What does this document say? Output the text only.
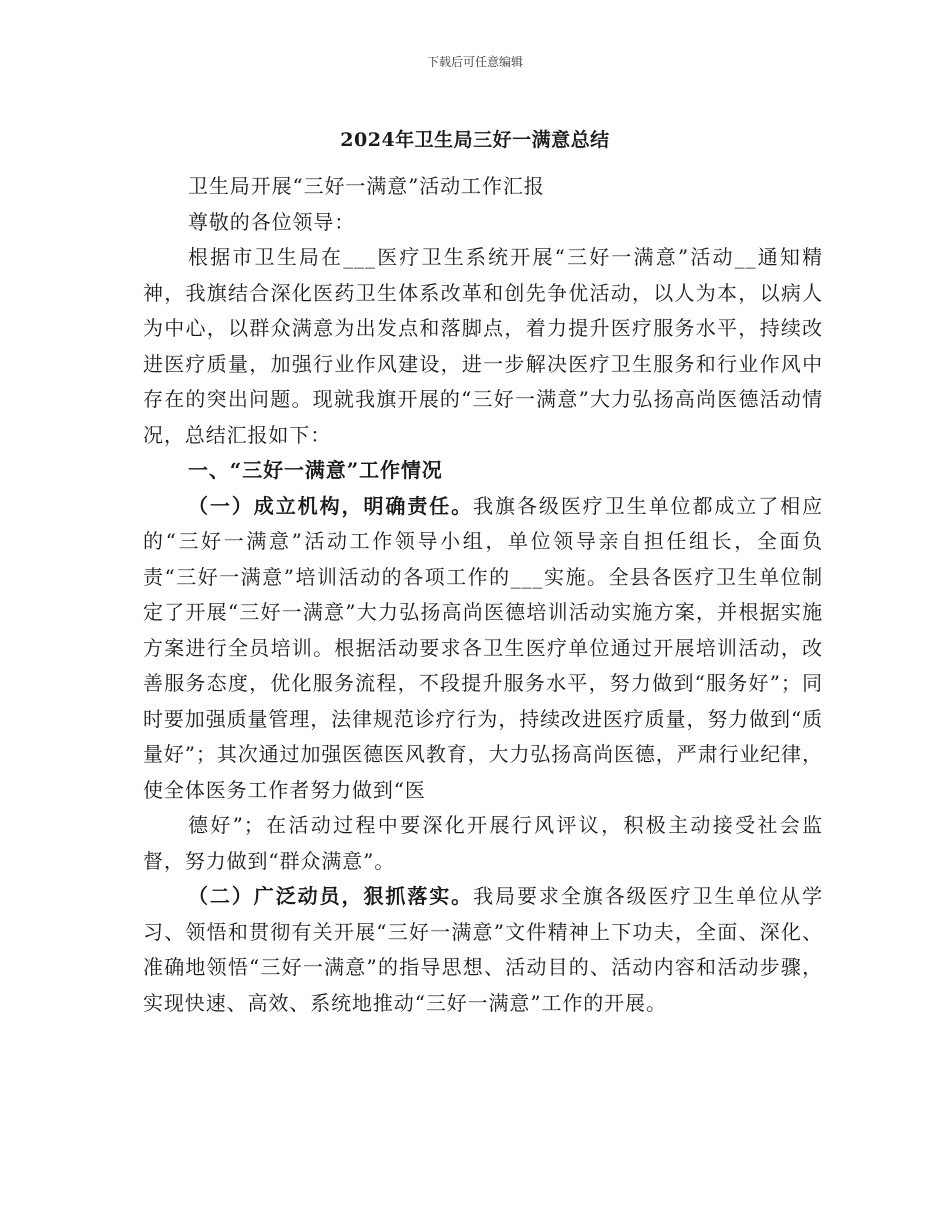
下载后可任意编辑
2024年卫生局三好一满意总结

卫生局开展“三好一满意”活动工作汇报

尊敬的各位领导：

根据市卫生局在___医疗卫生系统开展“三好一满意”活动__通知精神，我旗结合深化医药卫生体系改革和创先争优活动，以人为本，以病人为中心，以群众满意为出发点和落脚点，着力提升医疗服务水平，持续改进医疗质量，加强行业作风建设，进一步解决医疗卫生服务和行业作风中存在的突出问题。现就我旗开展的“三好一满意”大力弘扬高尚医德活动情况，总结汇报如下：

一、“三好一满意”工作情况

（一）成立机构，明确责任。我旗各级医疗卫生单位都成立了相应的“三好一满意”活动工作领导小组，单位领导亲自担任组长，全面负责“三好一满意”培训活动的各项工作的___实施。全县各医疗卫生单位制定了开展“三好一满意”大力弘扬高尚医德培训活动实施方案，并根据实施方案进行全员培训。根据活动要求各卫生医疗单位通过开展培训活动，改善服务态度，优化服务流程，不段提升服务水平，努力做到“服务好”；同时要加强质量管理，法律规范诊疗行为，持续改进医疗质量，努力做到“质量好”；其次通过加强医德医风教育，大力弘扬高尚医德，严肃行业纪律，使全体医务工作者努力做到“医

德好”；在活动过程中要深化开展行风评议，积极主动接受社会监督，努力做到“群众满意”。

（二）广泛动员，狠抓落实。我局要求全旗各级医疗卫生单位从学习、领悟和贯彻有关开展“三好一满意”文件精神上下功夫，全面、深化、准确地领悟“三好一满意”的指导思想、活动目的、活动内容和活动步骤，实现快速、高效、系统地推动“三好一满意”工作的开展。
